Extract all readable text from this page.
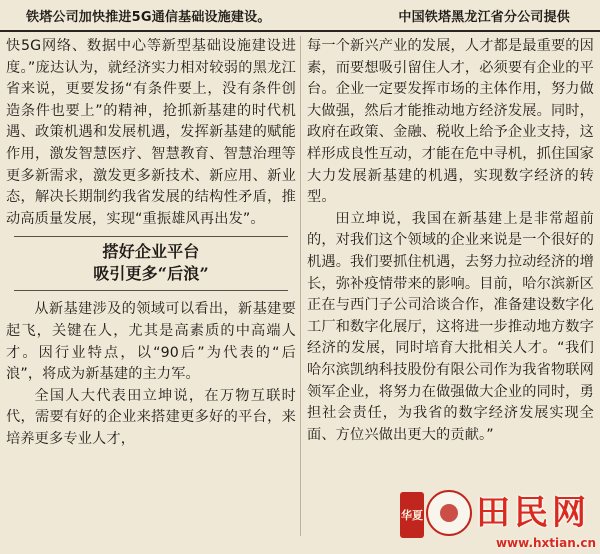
铁塔公司加快推进5G通信基础设施建设。	中国铁塔黑龙江省分公司提供

快5G网络、数据中心等新型基础设施建设进度。”庞达认为，就经济实力相对较弱的黑龙江省来说，更要发扬“有条件要上，没有条件创造条件也要上”的精神，抢抓新基建的时代机遇、政策机遇和发展机遇，发挥新基建的赋能作用，激发智慧医疗、智慧教育、智慧治理等更多新需求，激发更多新技术、新应用、新业态，解决长期制约我省发展的结构性矛盾，推动高质量发展，实现“重振雄风再出发”。

搭好企业平台
吸引更多“后浪”

从新基建涉及的领域可以看出，新基建要起飞，关键在人，尤其是高素质的中高端人才。因行业特点，以“90后”为代表的“后浪”，将成为新基建的主力军。

全国人大代表田立坤说，在万物互联时代，需要有好的企业来搭建更多好的平台，来培养更多专业人才，

每一个新兴产业的发展，人才都是最重要的因素，而要想吸引留住人才，必须要有企业的平台。企业一定要发挥市场的主体作用，努力做大做强，然后才能推动地方经济发展。同时，政府在政策、金融、税收上给予企业支持，这样形成良性互动，才能在危中寻机，抓住国家大力发展新基建的机遇，实现数字经济的转型。

田立坤说，我国在新基建上是非常超前的，对我们这个领域的企业来说是一个很好的机遇。我们要抓住机遇，去努力拉动经济的增长，弥补疫情带来的影响。目前，哈尔滨新区正在与西门子公司洽谈合作，准备建设数字化工厂和数字化展厅，这将进一步推动地方数字经济的发展，同时培育大批相关人才。“我们哈尔滨凯纳科技股份有限公司作为我省物联网领军企业，将努力在做强做大企业的同时，勇担社会责任，为我省的数字经济发展实现全面、方位兴做出更大的贡献。”

华夏 田民网
www.hxtian.cn
